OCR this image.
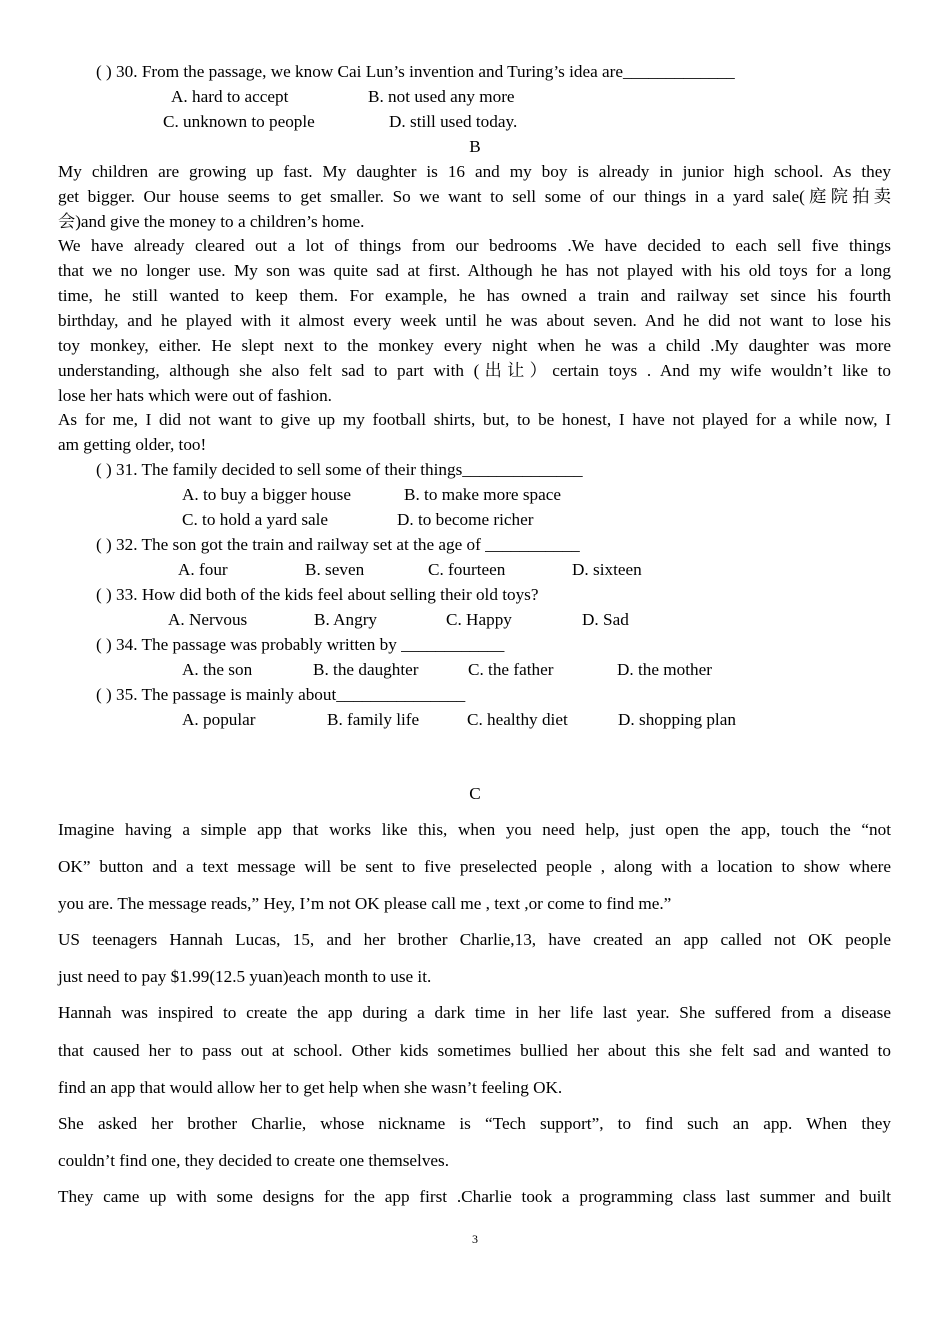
( ) 30. From the passage, we know Cai Lun’s invention and Turing’s idea are_____________
A. hard to accept	B. not used any more
C. unknown to people	D. still used today.
B
My children are growing up fast. My daughter is 16 and my boy is already in junior high school. As they
get bigger. Our house seems to get smaller. So we want to sell some of our things in a yard sale(庭院拍卖
会)and give the money to a children’s home.
We have already cleared out a lot of things from our bedrooms .We have decided to each sell five things
that we no longer use. My son was quite sad at first. Although he has not played with his old toys for a long
time, he still wanted to keep them. For example, he has owned a train and railway set since his fourth
birthday, and he played with it almost every week until he was about seven. And he did not want to lose his
toy monkey, either. He slept next to the monkey every night when he was a child .My daughter was more
understanding, although she also felt sad to part with (出让）certain toys . And my wife wouldn’t like to
lose her hats which were out of fashion.
As for me, I did not want to give up my football shirts, but, to be honest, I have not played for a while now, I
am getting older, too!
( ) 31. The family decided to sell some of their things______________
A. to buy a bigger house	B. to make more space
C. to hold a yard sale	D. to become richer
( ) 32. The son got the train and railway set at the age of ___________
A. four	B. seven	C. fourteen	D. sixteen
( ) 33. How did both of the kids feel about selling their old toys?
A. Nervous	B. Angry	C. Happy	D. Sad
( ) 34. The passage was probably written by ____________
A. the son	B. the daughter	C. the father	D. the mother
( ) 35. The passage is mainly about_______________
A. popular	B. family life	C. healthy diet	D. shopping plan
C
Imagine having a simple app that works like this, when you need help, just open the app, touch the “not
OK” button and a text message will be sent to five preselected people , along with a location to show where
you are. The message reads,” Hey, I’m not OK please call me , text ,or come to find me.”
US teenagers Hannah Lucas, 15, and her brother Charlie,13, have created an app called not OK people
just need to pay $1.99(12.5 yuan)each month to use it.
Hannah was inspired to create the app during a dark time in her life last year. She suffered from a disease
that caused her to pass out at school. Other kids sometimes bullied her about this she felt sad and wanted to
find an app that would allow her to get help when she wasn’t feeling OK.
She asked her brother Charlie, whose nickname is “Tech support”, to find such an app. When they
couldn’t find one, they decided to create one themselves.
They came up with some designs for the app first .Charlie took a programming class last summer and built
3
